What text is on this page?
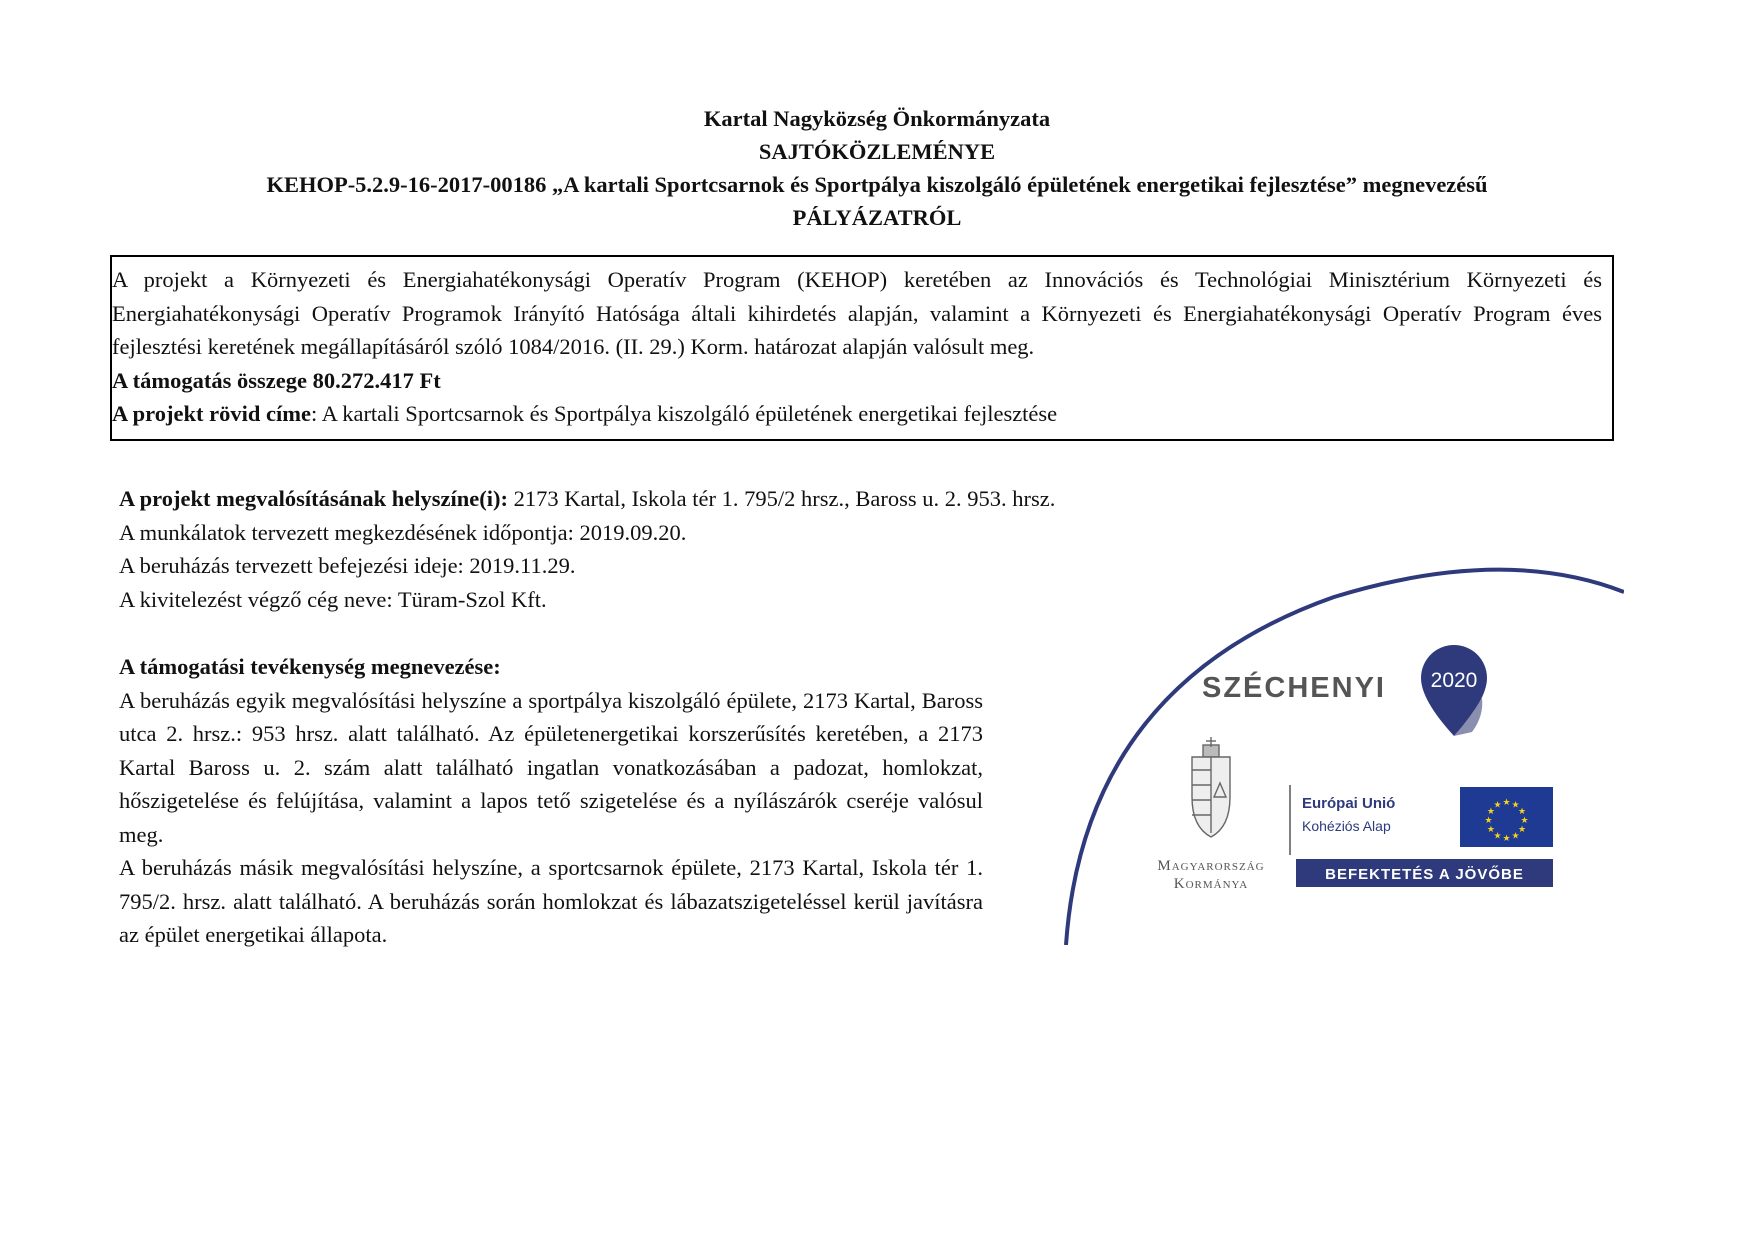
Kartal Nagyközség Önkormányzata
SAJTÓKÖZLEMÉNYE
KEHOP-5.2.9-16-2017-00186 „A kartali Sportcsarnok és Sportpálya kiszolgáló épületének energetikai fejlesztése” megnevezésű
PÁLYÁZATRÓL

A projekt a Környezeti és Energiahatékonysági Operatív Program (KEHOP) keretében az Innovációs és Technológiai Minisztérium Környezeti és Energiahatékonysági Operatív Programok Irányító Hatósága általi kihirdetés alapján, valamint a Környezeti és Energiahatékonysági Operatív Program éves fejlesztési keretének megállapításáról szóló 1084/2016. (II. 29.) Korm. határozat alapján valósult meg.

A támogatás összege 80.272.417 Ft

A projekt rövid címe: A kartali Sportcsarnok és Sportpálya kiszolgáló épületének energetikai fejlesztése

A projekt megvalósításának helyszíne(i): 2173 Kartal, Iskola tér 1. 795/2 hrsz., Baross u. 2. 953. hrsz.

A munkálatok tervezett megkezdésének időpontja: 2019.09.20.

A beruházás tervezett befejezési ideje: 2019.11.29.

A kivitelezést végző cég neve: Türam-Szol Kft.

A támogatási tevékenység megnevezése:

A beruházás egyik megvalósítási helyszíne a sportpálya kiszolgáló épülete, 2173 Kartal, Baross utca 2. hrsz.: 953 hrsz. alatt található. Az épületenergetikai korszerűsítés keretében, a 2173 Kartal Baross u. 2. szám alatt található ingatlan vonatkozásában a padozat, homlokzat, hőszigetelése és felújítása, valamint a lapos tető szigetelése és a nyílászárók cseréje valósul meg.

A beruházás másik megvalósítási helyszíne, a sportcsarnok épülete, 2173 Kartal, Iskola tér 1. 795/2. hrsz. alatt található. A beruházás során homlokzat és lábazatszigeteléssel kerül javításra az épület energetikai állapota.

SZÉCHENYI 2020
Magyarország
Kormánya
Európai Unió
Kohéziós Alap
★ ★
★
★
★
★
★
★
★
★
★
★
BEFEKTETÉS A JÖVŐBE
